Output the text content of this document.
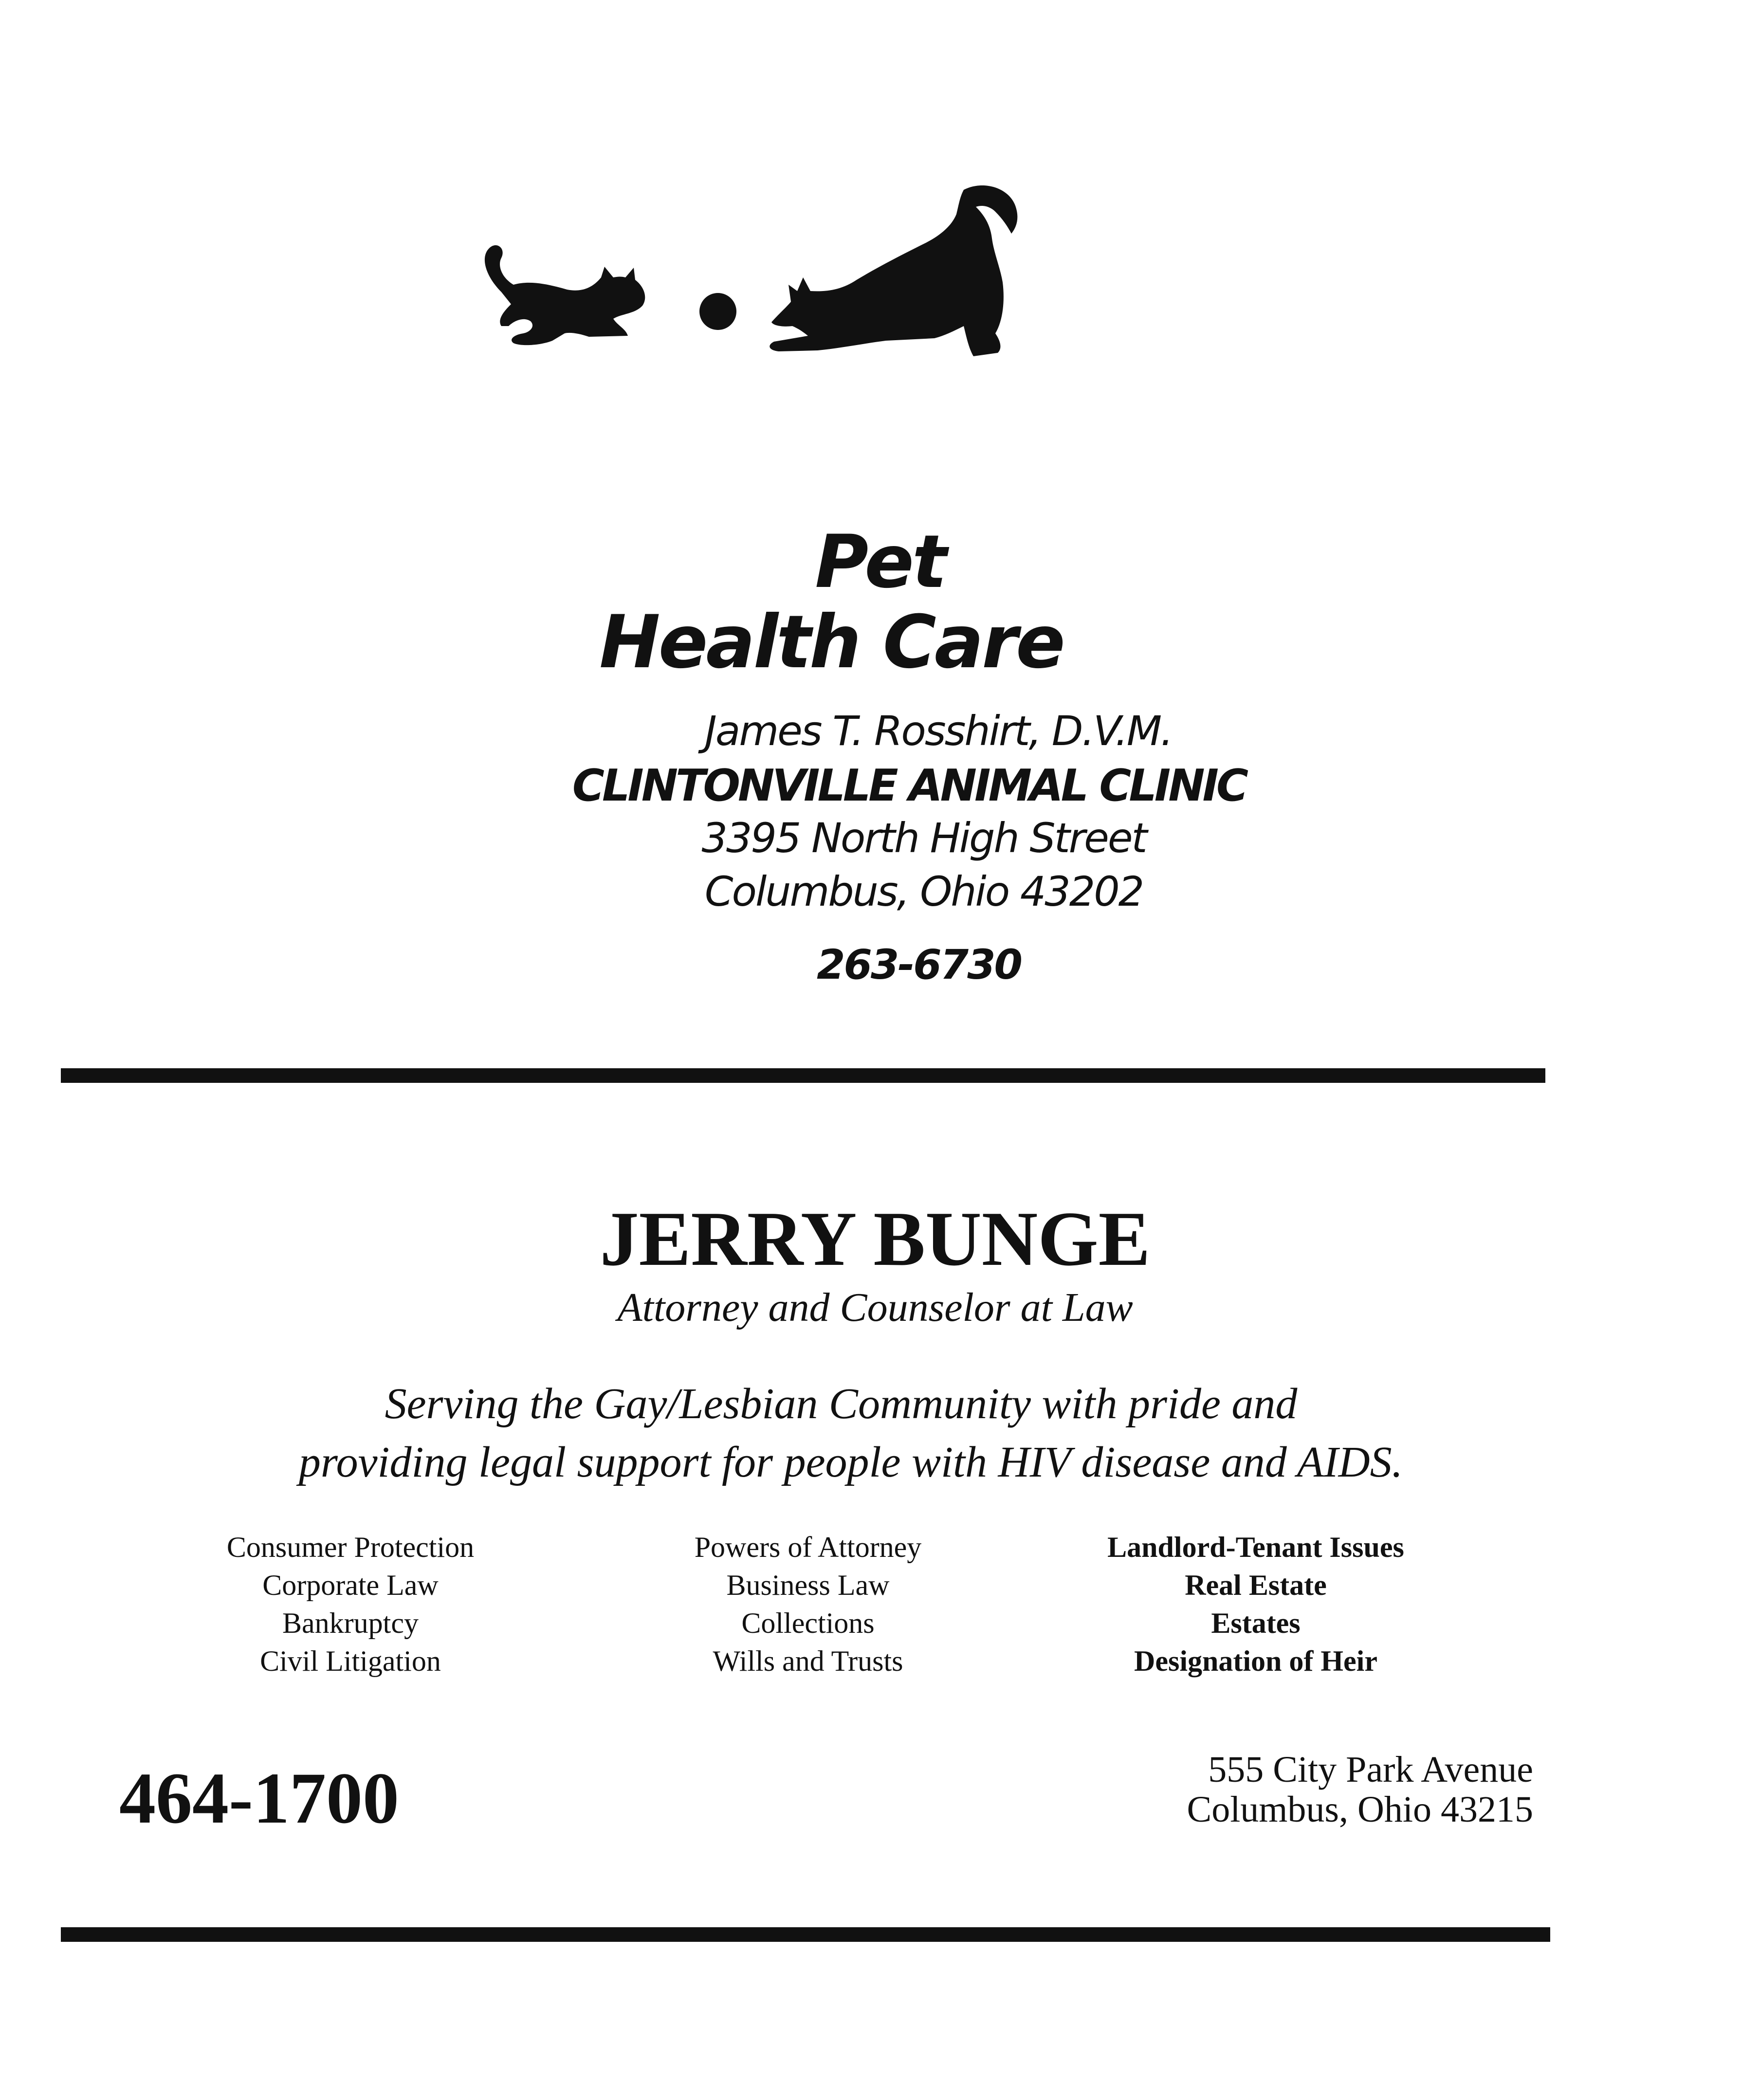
Pet
Health Care
James T. Rosshirt, D.V.M.
CLINTONVILLE ANIMAL CLINIC
3395 North High Street
Columbus, Ohio 43202
263-6730
JERRY BUNGE
Attorney and Counselor at Law
Serving the Gay/Lesbian Community with pride and
providing legal support for people with HIV disease and AIDS.
Consumer Protection
Corporate Law
Bankruptcy
Civil Litigation
Powers of Attorney
Business Law
Collections
Wills and Trusts
Landlord-Tenant Issues
Real Estate
Estates
Designation of Heir
464-1700	555 City Park Avenue
Columbus, Ohio 43215
